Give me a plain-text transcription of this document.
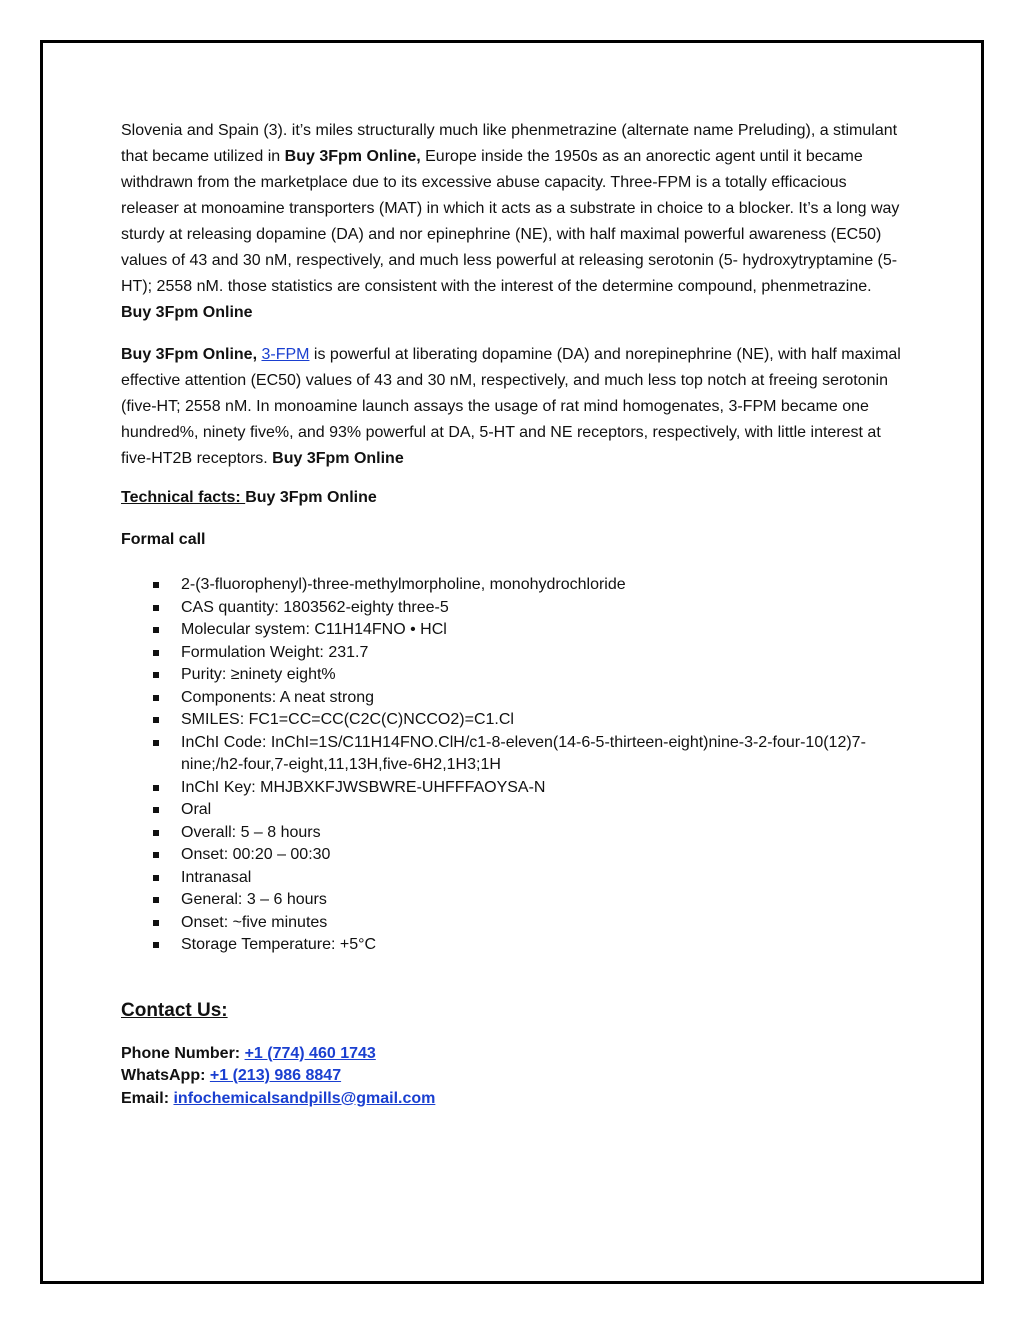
Slovenia and Spain (3). it’s miles structurally much like phenmetrazine (alternate name Preluding), a stimulant that became utilized in Buy 3Fpm Online, Europe inside the 1950s as an anorectic agent until it became withdrawn from the marketplace due to its excessive abuse capacity. Three-FPM is a totally efficacious releaser at monoamine transporters (MAT) in which it acts as a substrate in choice to a blocker. It’s a long way sturdy at releasing dopamine (DA) and nor epinephrine (NE), with half maximal powerful awareness (EC50) values of 43 and 30 nM, respectively, and much less powerful at releasing serotonin (5- hydroxytryptamine (5-HT); 2558 nM. those statistics are consistent with the interest of the determine compound, phenmetrazine. Buy 3Fpm Online

Buy 3Fpm Online, 3-FPM is powerful at liberating dopamine (DA) and norepinephrine (NE), with half maximal effective attention (EC50) values of 43 and 30 nM, respectively, and much less top notch at freeing serotonin (five-HT; 2558 nM. In monoamine launch assays the usage of rat mind homogenates, 3-FPM became one hundred%, ninety five%, and 93% powerful at DA, 5-HT and NE receptors, respectively, with little interest at five-HT2B receptors. Buy 3Fpm Online

Technical facts: Buy 3Fpm Online

Formal call

2-(3-fluorophenyl)-three-methylmorpholine, monohydrochloride
CAS quantity: 1803562-eighty three-5
Molecular system: C11H14FNO • HCl
Formulation Weight: 231.7
Purity: ≥ninety eight%
Components: A neat strong
SMILES: FC1=CC=CC(C2C(C)NCCO2)=C1.Cl
InChI Code: InChI=1S/C11H14FNO.ClH/c1-8-eleven(14-6-5-thirteen-eight)nine-3-2-four-10(12)7-nine;/h2-four,7-eight,11,13H,five-6H2,1H3;1H
InChI Key: MHJBXKFJWSBWRE-UHFFFAOYSA-N
Oral
Overall: 5 – 8 hours
Onset: 00:20 – 00:30
Intranasal
General: 3 – 6 hours
Onset: ~five minutes
Storage Temperature: +5°C
Contact Us:
Phone Number: +1 (774) 460 1743
WhatsApp: +1 (213) 986 8847
Email: infochemicalsandpills@gmail.com
